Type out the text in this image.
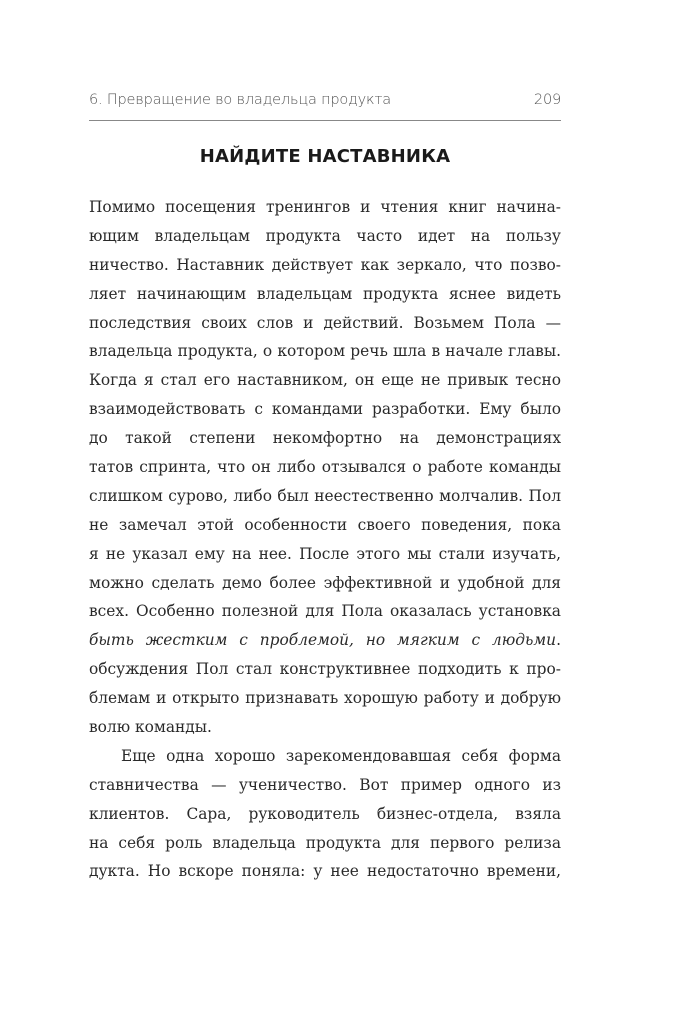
6. Превращение во владельца продукта	209
НАЙДИТЕ НАСТАВНИКА
Помимо посещения тренингов и чтения книг начина-
ющим владельцам продукта часто идет на пользу
ничество. Наставник действует как зеркало, что позво-
ляет начинающим владельцам продукта яснее видеть
последствия своих слов и действий. Возьмем Пола —
владельца продукта, о котором речь шла в начале главы.
Когда я стал его наставником, он еще не привык тесно
взаимодействовать с командами разработки. Ему было
до такой степени некомфортно на демонстрациях
татов спринта, что он либо отзывался о работе команды
слишком сурово, либо был неестественно молчалив. Пол
не замечал этой особенности своего поведения, пока
я не указал ему на нее. После этого мы стали изучать,
можно сделать демо более эффективной и удобной для
всех. Особенно полезной для Пола оказалась установка
быть жестким с проблемой, но мягким с людьми.
обсуждения Пол стал конструктивнее подходить к про-
блемам и открыто признавать хорошую работу и добрую
волю команды.
Еще одна хорошо зарекомендовавшая себя форма
ставничества — ученичество. Вот пример одного из
клиентов. Сара, руководитель бизнес-отдела, взяла
на себя роль владельца продукта для первого релиза
дукта. Но вскоре поняла: у нее недостаточно времени,
